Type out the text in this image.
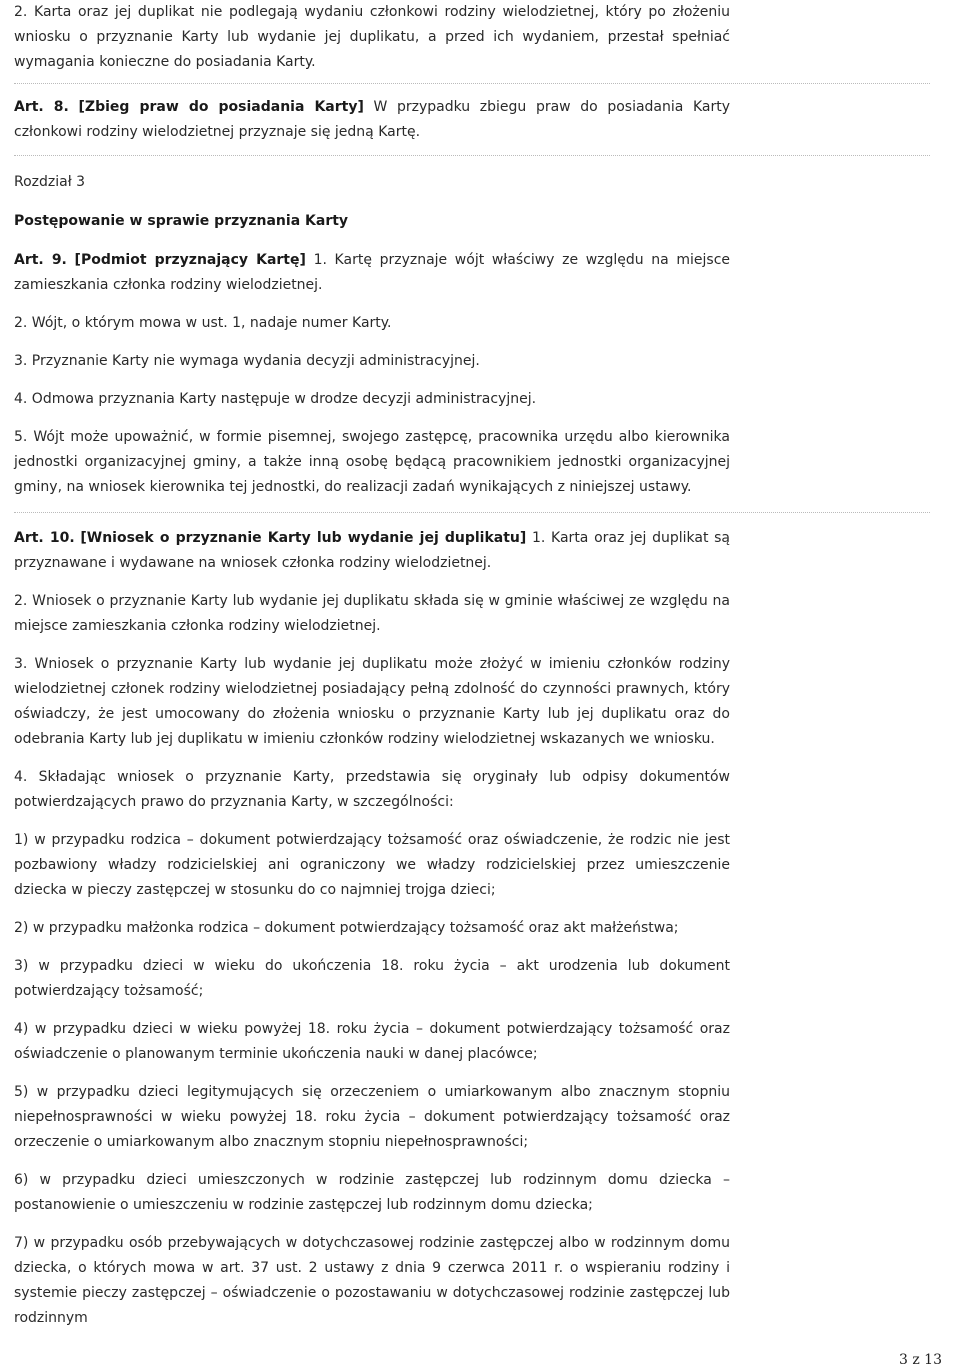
2. Karta oraz jej duplikat nie podlegają wydaniu członkowi rodziny wielodzietnej, który po złożeniu wniosku o przyznanie Karty lub wydanie jej duplikatu, a przed ich wydaniem, przestał spełniać wymagania konieczne do posiadania Karty.

Art. 8. [Zbieg praw do posiadania Karty] W przypadku zbiegu praw do posiadania Karty członkowi rodziny wielodzietnej przyznaje się jedną Kartę.

Rozdział 3

Postępowanie w sprawie przyznania Karty

Art. 9. [Podmiot przyznający Kartę] 1. Kartę przyznaje wójt właściwy ze względu na miejsce zamieszkania członka rodziny wielodzietnej.

2. Wójt, o którym mowa w ust. 1, nadaje numer Karty.

3. Przyznanie Karty nie wymaga wydania decyzji administracyjnej.

4. Odmowa przyznania Karty następuje w drodze decyzji administracyjnej.

5. Wójt może upoważnić, w formie pisemnej, swojego zastępcę, pracownika urzędu albo kierownika jednostki organizacyjnej gminy, a także inną osobę będącą pracownikiem jednostki organizacyjnej gminy, na wniosek kierownika tej jednostki, do realizacji zadań wynikających z niniejszej ustawy.

Art. 10. [Wniosek o przyznanie Karty lub wydanie jej duplikatu] 1. Karta oraz jej duplikat są przyznawane i wydawane na wniosek członka rodziny wielodzietnej.

2. Wniosek o przyznanie Karty lub wydanie jej duplikatu składa się w gminie właściwej ze względu na miejsce zamieszkania członka rodziny wielodzietnej.

3. Wniosek o przyznanie Karty lub wydanie jej duplikatu może złożyć w imieniu członków rodziny wielodzietnej członek rodziny wielodzietnej posiadający pełną zdolność do czynności prawnych, który oświadczy, że jest umocowany do złożenia wniosku o przyznanie Karty lub jej duplikatu oraz do odebrania Karty lub jej duplikatu w imieniu członków rodziny wielodzietnej wskazanych we wniosku.

4. Składając wniosek o przyznanie Karty, przedstawia się oryginały lub odpisy dokumentów potwierdzających prawo do przyznania Karty, w szczególności:

1) w przypadku rodzica – dokument potwierdzający tożsamość oraz oświadczenie, że rodzic nie jest pozbawiony władzy rodzicielskiej ani ograniczony we władzy rodzicielskiej przez umieszczenie dziecka w pieczy zastępczej w stosunku do co najmniej trojga dzieci;

2) w przypadku małżonka rodzica – dokument potwierdzający tożsamość oraz akt małżeństwa;

3) w przypadku dzieci w wieku do ukończenia 18. roku życia – akt urodzenia lub dokument potwierdzający tożsamość;

4) w przypadku dzieci w wieku powyżej 18. roku życia – dokument potwierdzający tożsamość oraz oświadczenie o planowanym terminie ukończenia nauki w danej placówce;

5) w przypadku dzieci legitymujących się orzeczeniem o umiarkowanym albo znacznym stopniu niepełnosprawności w wieku powyżej 18. roku życia – dokument potwierdzający tożsamość oraz orzeczenie o umiarkowanym albo znacznym stopniu niepełnosprawności;

6) w przypadku dzieci umieszczonych w rodzinie zastępczej lub rodzinnym domu dziecka – postanowienie o umieszczeniu w rodzinie zastępczej lub rodzinnym domu dziecka;

7) w przypadku osób przebywających w dotychczasowej rodzinie zastępczej albo w rodzinnym domu dziecka, o których mowa w art. 37 ust. 2 ustawy z dnia 9 czerwca 2011 r. o wspieraniu rodziny i systemie pieczy zastępczej – oświadczenie o pozostawaniu w dotychczasowej rodzinie zastępczej lub rodzinnym

3 z 13
